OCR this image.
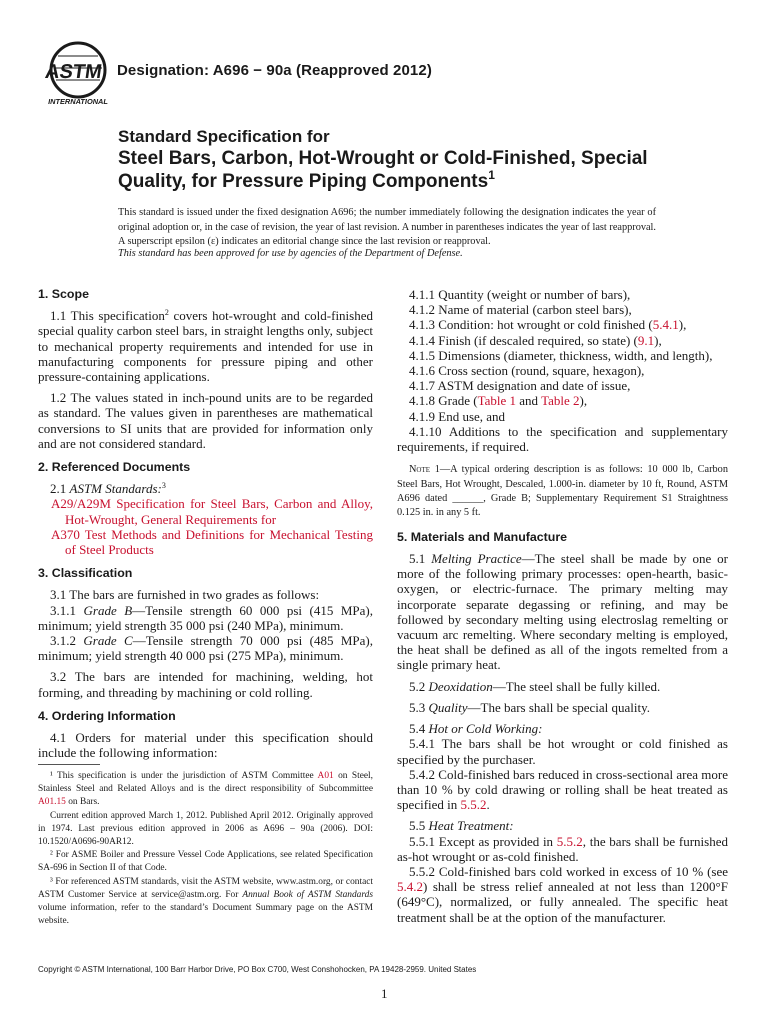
ASTM
INTERNATIONAL
Designation: A696 − 90a (Reapproved 2012)
Standard Specification for
Steel Bars, Carbon, Hot-Wrought or Cold-Finished, Special Quality, for Pressure Piping Components$^1$
This standard is issued under the fixed designation A696; the number immediately following the designation indicates the year of original adoption or, in the case of revision, the year of last revision. A number in parentheses indicates the year of last reapproval. A superscript epsilon (ε) indicates an editorial change since the last revision or reapproval.
This standard has been approved for use by agencies of the Department of Defense.

1. Scope

1.1 This specification$^2$ covers hot-wrought and cold-finished special quality carbon steel bars, in straight lengths only, subject to mechanical property requirements and intended for use in manufacturing components for pressure piping and other pressure-containing applications.

1.2 The values stated in inch-pound units are to be regarded as standard. The values given in parentheses are mathematical conversions to SI units that are provided for information only and are not considered standard.

2. Referenced Documents

2.1 ASTM Standards:$^3$

A29/A29M Specification for Steel Bars, Carbon and Alloy, Hot-Wrought, General Requirements for

A370 Test Methods and Definitions for Mechanical Testing of Steel Products

3. Classification

3.1 The bars are furnished in two grades as follows:

3.1.1 Grade B—Tensile strength 60 000 psi (415 MPa), minimum; yield strength 35 000 psi (240 MPa), minimum.

3.1.2 Grade C—Tensile strength 70 000 psi (485 MPa), minimum; yield strength 40 000 psi (275 MPa), minimum.

3.2 The bars are intended for machining, welding, hot forming, and threading by machining or cold rolling.

4. Ordering Information

4.1 Orders for material under this specification should include the following information:

¹ This specification is under the jurisdiction of ASTM Committee A01 on Steel, Stainless Steel and Related Alloys and is the direct responsibility of Subcommittee A01.15 on Bars.

Current edition approved March 1, 2012. Published April 2012. Originally approved in 1974. Last previous edition approved in 2006 as A696 – 90a (2006). DOI: 10.1520/A0696-90AR12.

² For ASME Boiler and Pressure Vessel Code Applications, see related Specification SA-696 in Section II of that Code.

³ For referenced ASTM standards, visit the ASTM website, www.astm.org, or contact ASTM Customer Service at service@astm.org. For Annual Book of ASTM Standards volume information, refer to the standard’s Document Summary page on the ASTM website.

4.1.1 Quantity (weight or number of bars),

4.1.2 Name of material (carbon steel bars),

4.1.3 Condition: hot wrought or cold finished (5.4.1),

4.1.4 Finish (if descaled required, so state) (9.1),

4.1.5 Dimensions (diameter, thickness, width, and length),

4.1.6 Cross section (round, square, hexagon),

4.1.7 ASTM designation and date of issue,

4.1.8 Grade (Table 1 and Table 2),

4.1.9 End use, and

4.1.10 Additions to the specification and supplementary requirements, if required.

Note 1—A typical ordering description is as follows: 10 000 lb, Carbon Steel Bars, Hot Wrought, Descaled, 1.000-in. diameter by 10 ft, Round, ASTM A696 dated ______, Grade B; Supplementary Requirement S1 Straightness 0.125 in. in any 5 ft.

5. Materials and Manufacture

5.1 Melting Practice—The steel shall be made by one or more of the following primary processes: open-hearth, basic-oxygen, or electric-furnace. The primary melting may incorporate separate degassing or refining, and may be followed by secondary melting using electroslag remelting or vacuum arc remelting. Where secondary melting is employed, the heat shall be defined as all of the ingots remelted from a single primary heat.

5.2 Deoxidation—The steel shall be fully killed.

5.3 Quality—The bars shall be special quality.

5.4 Hot or Cold Working:

5.4.1 The bars shall be hot wrought or cold finished as specified by the purchaser.

5.4.2 Cold-finished bars reduced in cross-sectional area more than 10 % by cold drawing or rolling shall be heat treated as specified in 5.5.2.

5.5 Heat Treatment:

5.5.1 Except as provided in 5.5.2, the bars shall be furnished as-hot wrought or as-cold finished.

5.5.2 Cold-finished bars cold worked in excess of 10 % (see 5.4.2) shall be stress relief annealed at not less than 1200°F (649°C), normalized, or fully annealed. The specific heat treatment shall be at the option of the manufacturer.

Copyright © ASTM International, 100 Barr Harbor Drive, PO Box C700, West Conshohocken, PA 19428-2959. United States
1
